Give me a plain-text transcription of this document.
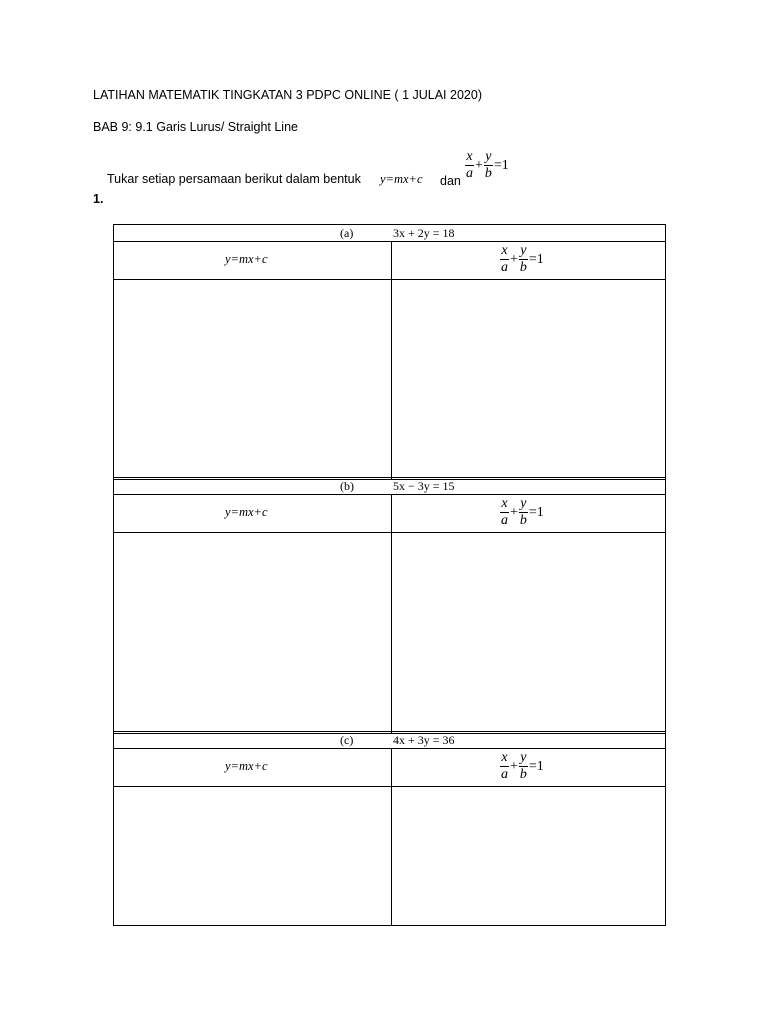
LATIHAN MATEMATIK TINGKATAN 3 PDPC ONLINE ( 1 JULAI 2020)
BAB 9: 9.1 Garis Lurus/ Straight Line
Tukar setiap persamaan berikut dalam bentuk y=mx+c dan $\frac{x}{a} + \frac{y}{b} =1$
1.
(a)	3x + 2y = 18
y=mx+c	$\frac{x}{a} + \frac{y}{b} =1$
(b)	5x − 3y = 15
y=mx+c	$\frac{x}{a} + \frac{y}{b} =1$
(c)	4x + 3y = 36
y=mx+c	$\frac{x}{a} + \frac{y}{b} =1$
